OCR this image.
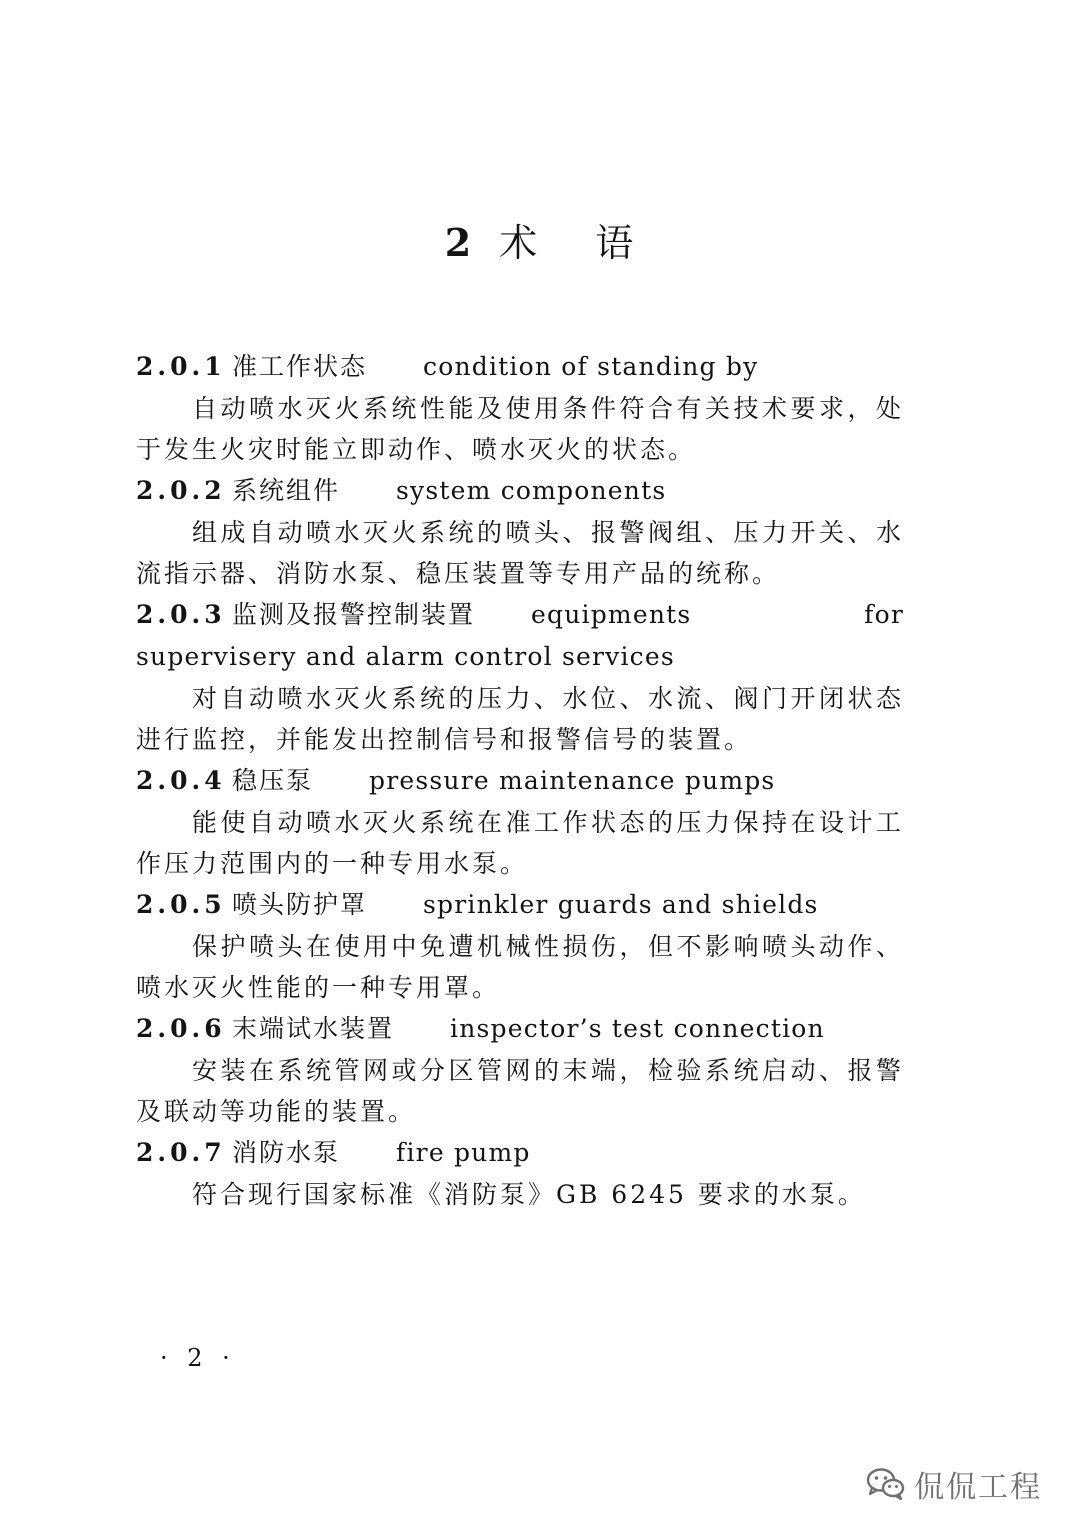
2 术 语
2.0.1 准工作状态 condition of standing by

自动喷水灭火系统性能及使用条件符合有关技术要求，处于发生火灾时能立即动作、喷水灭火的状态。

2.0.2 系统组件 system components

组成自动喷水灭火系统的喷头、报警阀组、压力开关、水流指示器、消防水泵、稳压装置等专用产品的统称。

2.0.3 监测及报警控制装置 equipments for supervisery and alarm control services

对自动喷水灭火系统的压力、水位、水流、阀门开闭状态进行监控，并能发出控制信号和报警信号的装置。

2.0.4 稳压泵 pressure maintenance pumps

能使自动喷水灭火系统在准工作状态的压力保持在设计工作压力范围内的一种专用水泵。

2.0.5 喷头防护罩 sprinkler guards and shields

保护喷头在使用中免遭机械性损伤，但不影响喷头动作、喷水灭火性能的一种专用罩。

2.0.6 末端试水装置 inspector’s test connection

安装在系统管网或分区管网的末端，检验系统启动、报警及联动等功能的装置。

2.0.7 消防水泵 fire pump

符合现行国家标准《消防泵》GB 6245 要求的水泵。

· 2 ·
侃侃工程
